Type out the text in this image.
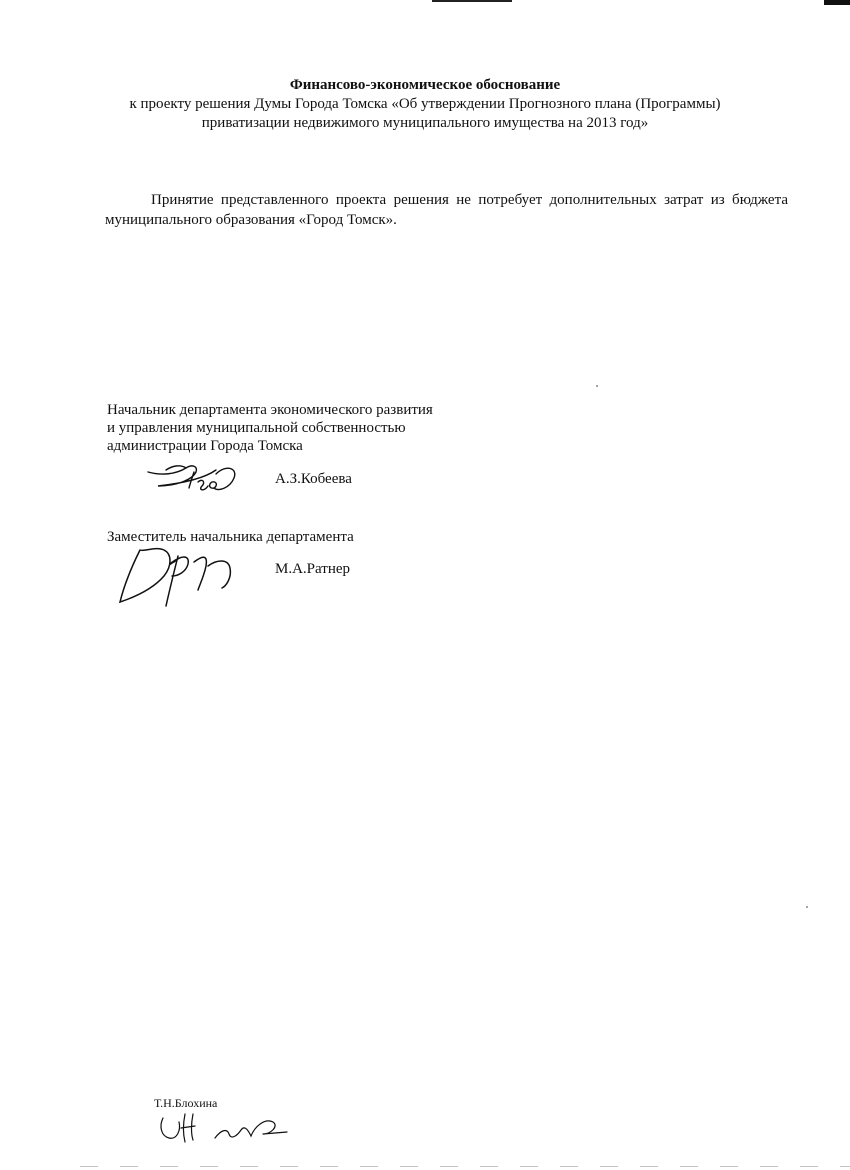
Финансово-экономическое обоснование
к проекту решения Думы Города Томска «Об утверждении Прогнозного плана (Программы)
приватизации недвижимого муниципального имущества на 2013 год»
Принятие представленного проекта решения не потребует дополнительных затрат из бюджета муниципального образования «Город Томск».
Начальник департамента экономического развития
и управления муниципальной собственностью
администрации Города Томска
А.З.Кобеева
Заместитель начальника департамента
М.А.Ратнер
Т.Н.Блохина
